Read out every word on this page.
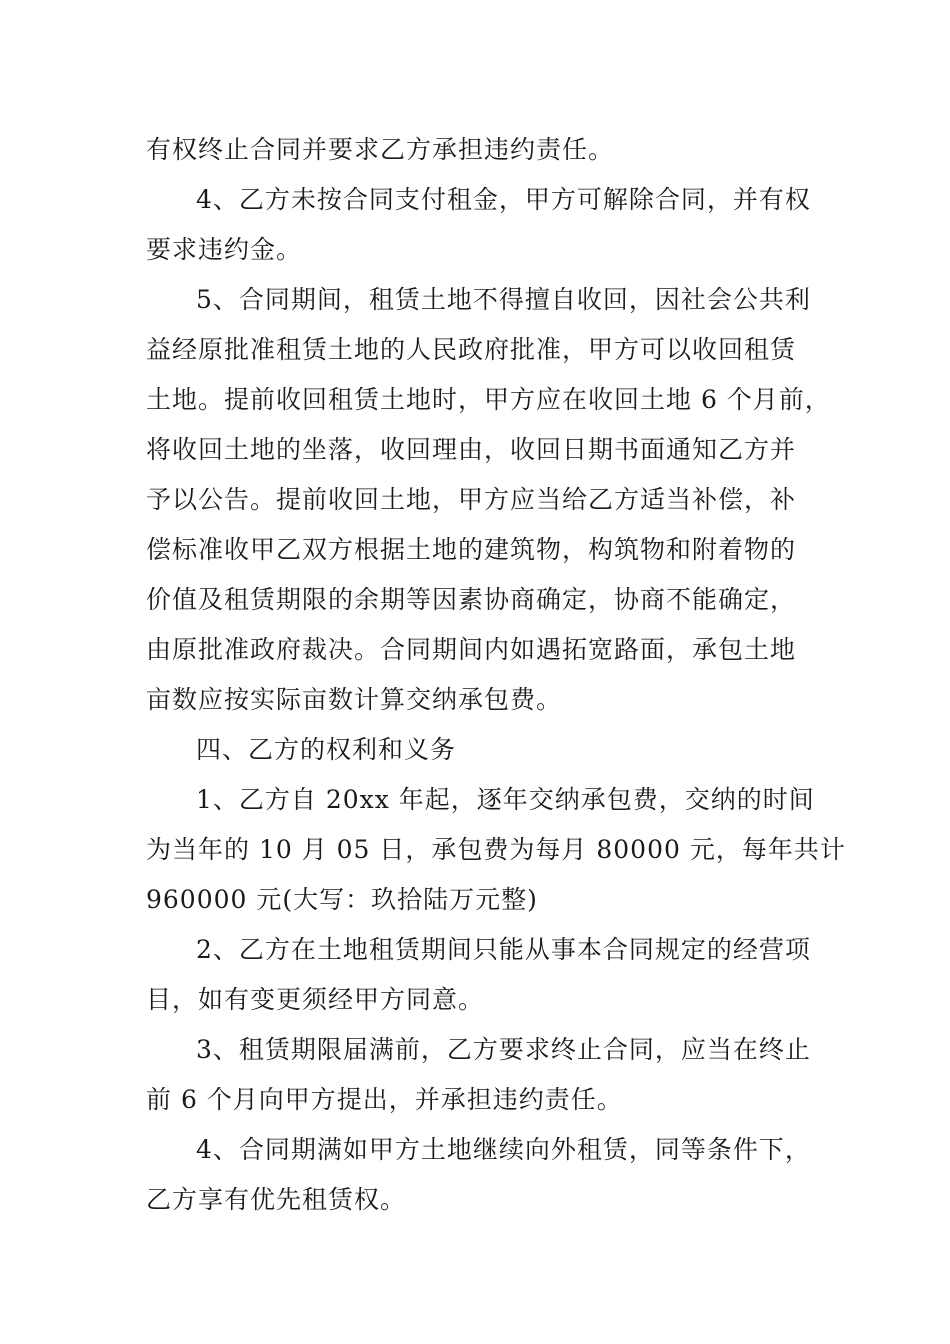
有权终止合同并要求乙方承担违约责任。
4、乙方未按合同支付租金，甲方可解除合同，并有权
要求违约金。
5、合同期间，租赁土地不得擅自收回，因社会公共利
益经原批准租赁土地的人民政府批准，甲方可以收回租赁
土地。提前收回租赁土地时，甲方应在收回土地 6 个月前，
将收回土地的坐落，收回理由，收回日期书面通知乙方并
予以公告。提前收回土地，甲方应当给乙方适当补偿，补
偿标准收甲乙双方根据土地的建筑物，构筑物和附着物的
价值及租赁期限的余期等因素协商确定，协商不能确定，
由原批准政府裁决。合同期间内如遇拓宽路面，承包土地
亩数应按实际亩数计算交纳承包费。
四、乙方的权利和义务
1、乙方自 20xx 年起，逐年交纳承包费，交纳的时间
为当年的 10 月 05 日，承包费为每月 80000 元，每年共计
960000 元(大写：玖拾陆万元整)
2、乙方在土地租赁期间只能从事本合同规定的经营项
目，如有变更须经甲方同意。
3、租赁期限届满前，乙方要求终止合同，应当在终止
前 6 个月向甲方提出，并承担违约责任。
4、合同期满如甲方土地继续向外租赁，同等条件下，
乙方享有优先租赁权。
